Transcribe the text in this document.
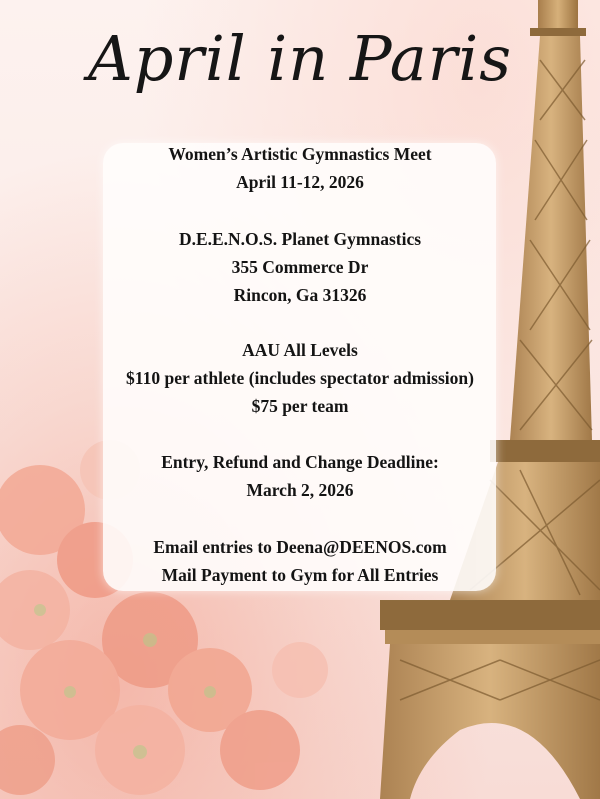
April in Paris
Women’s Artistic Gymnastics Meet
April 11-12, 2026
D.E.E.N.O.S. Planet Gymnastics
355 Commerce Dr
Rincon, Ga 31326
AAU All Levels
$110 per athlete (includes spectator admission)
$75 per team
Entry, Refund and Change Deadline:
March 2, 2026
Email entries to Deena@DEENOS.com
Mail Payment to Gym for All Entries
